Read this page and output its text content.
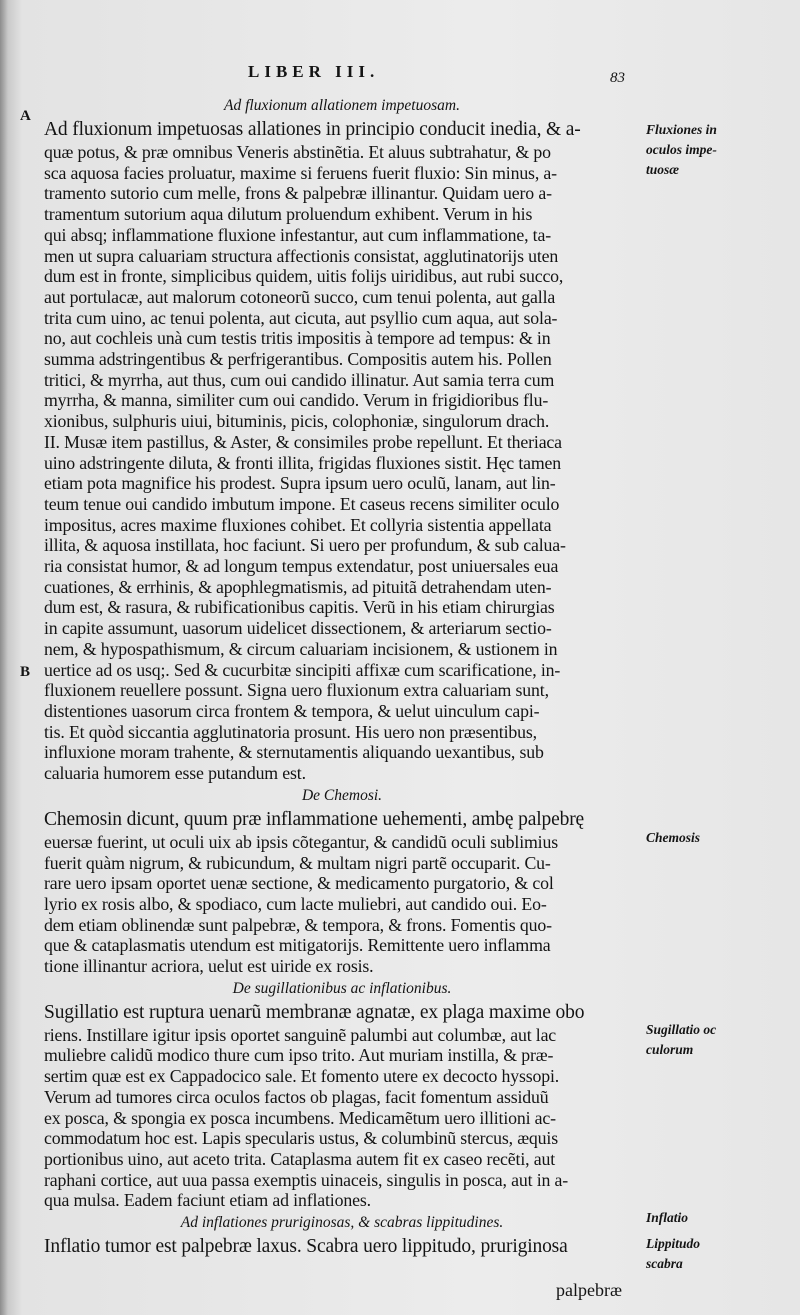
LIBER III.	83
A
B
Ad fluxionum allationem impetuosam.
Ad fluxionum impetuosas allationes in principio conducit inedia, & a-
quæ potus, & præ omnibus Veneris abstinẽtia. Et aluus subtrahatur, & po
sca aquosa facies proluatur, maxime si feruens fuerit fluxio: Sin minus, a-
tramento sutorio cum melle, frons & palpebræ illinantur. Quidam uero a-
tramentum sutorium aqua dilutum proluendum exhibent. Verum in his
qui absq; inflammatione fluxione infestantur, aut cum inflammatione, ta-
men ut supra caluariam structura affectionis consistat, agglutinatorijs uten
dum est in fronte, simplicibus quidem, uitis folijs uiridibus, aut rubi succo,
aut portulacæ, aut malorum cotoneorũ succo, cum tenui polenta, aut galla
trita cum uino, ac tenui polenta, aut cicuta, aut psyllio cum aqua, aut sola-
no, aut cochleis unà cum testis tritis impositis à tempore ad tempus: & in
summa adstringentibus & perfrigerantibus. Compositis autem his. Pollen
tritici, & myrrha, aut thus, cum oui candido illinatur. Aut samia terra cum
myrrha, & manna, similiter cum oui candido. Verum in frigidioribus flu-
xionibus, sulphuris uiui, bituminis, picis, colophoniæ, singulorum drach.
II. Musæ item pastillus, & Aster, & consimiles probe repellunt. Et theriaca
uino adstringente diluta, & fronti illita, frigidas fluxiones sistit. Hęc tamen
etiam pota magnifice his prodest. Supra ipsum uero oculũ, lanam, aut lin-
teum tenue oui candido imbutum impone. Et caseus recens similiter oculo
impositus, acres maxime fluxiones cohibet. Et collyria sistentia appellata
illita, & aquosa instillata, hoc faciunt. Si uero per profundum, & sub calua-
ria consistat humor, & ad longum tempus extendatur, post uniuersales eua
cuationes, & errhinis, & apophlegmatismis, ad pituitã detrahendam uten-
dum est, & rasura, & rubificationibus capitis. Verũ in his etiam chirurgias
in capite assumunt, uasorum uidelicet dissectionem, & arteriarum sectio-
nem, & hypospathismum, & circum caluariam incisionem, & ustionem in
uertice ad os usq;. Sed & cucurbitæ sincipiti affixæ cum scarificatione, in-
fluxionem reuellere possunt. Signa uero fluxionum extra caluariam sunt,
distentiones uasorum circa frontem & tempora, & uelut uinculum capi-
tis. Et quòd siccantia agglutinatoria prosunt. His uero non præsentibus,
influxione moram trahente, & sternutamentis aliquando uexantibus, sub
caluaria humorem esse putandum est.
De Chemosi.
Chemosin dicunt, quum præ inflammatione uehementi, ambę palpebrę
euersæ fuerint, ut oculi uix ab ipsis cõtegantur, & candidũ oculi sublimius
fuerit quàm nigrum, & rubicundum, & multam nigri partẽ occuparit. Cu-
rare uero ipsam oportet uenæ sectione, & medicamento purgatorio, & col
lyrio ex rosis albo, & spodiaco, cum lacte muliebri, aut candido oui. Eo-
dem etiam oblinendæ sunt palpebræ, & tempora, & frons. Fomentis quo-
que & cataplasmatis utendum est mitigatorijs. Remittente uero inflamma
tione illinantur acriora, uelut est uiride ex rosis.
De sugillationibus ac inflationibus.
Sugillatio est ruptura uenarũ membranæ agnatæ, ex plaga maxime obo
riens. Instillare igitur ipsis oportet sanguinẽ palumbi aut columbæ, aut lac
muliebre calidũ modico thure cum ipso trito. Aut muriam instilla, & præ-
sertim quæ est ex Cappadocico sale. Et fomento utere ex decocto hyssopi.
Verum ad tumores circa oculos factos ob plagas, facit fomentum assiduũ
ex posca, & spongia ex posca incumbens. Medicamẽtum uero illitioni ac-
commodatum hoc est. Lapis specularis ustus, & columbinũ stercus, æquis
portionibus uino, aut aceto trita. Cataplasma autem fit ex caseo recẽti, aut
raphani cortice, aut uua passa exemptis uinaceis, singulis in posca, aut in a-
qua mulsa. Eadem faciunt etiam ad inflationes.
Ad inflationes pruriginosas, & scabras lippitudines.
Inflatio tumor est palpebræ laxus. Scabra uero lippitudo, pruriginosa
Fluxiones in
oculos impe-
tuosæ
Chemosis
Sugillatio oc
culorum
Inflatio
Lippitudo
scabra
palpebræ
